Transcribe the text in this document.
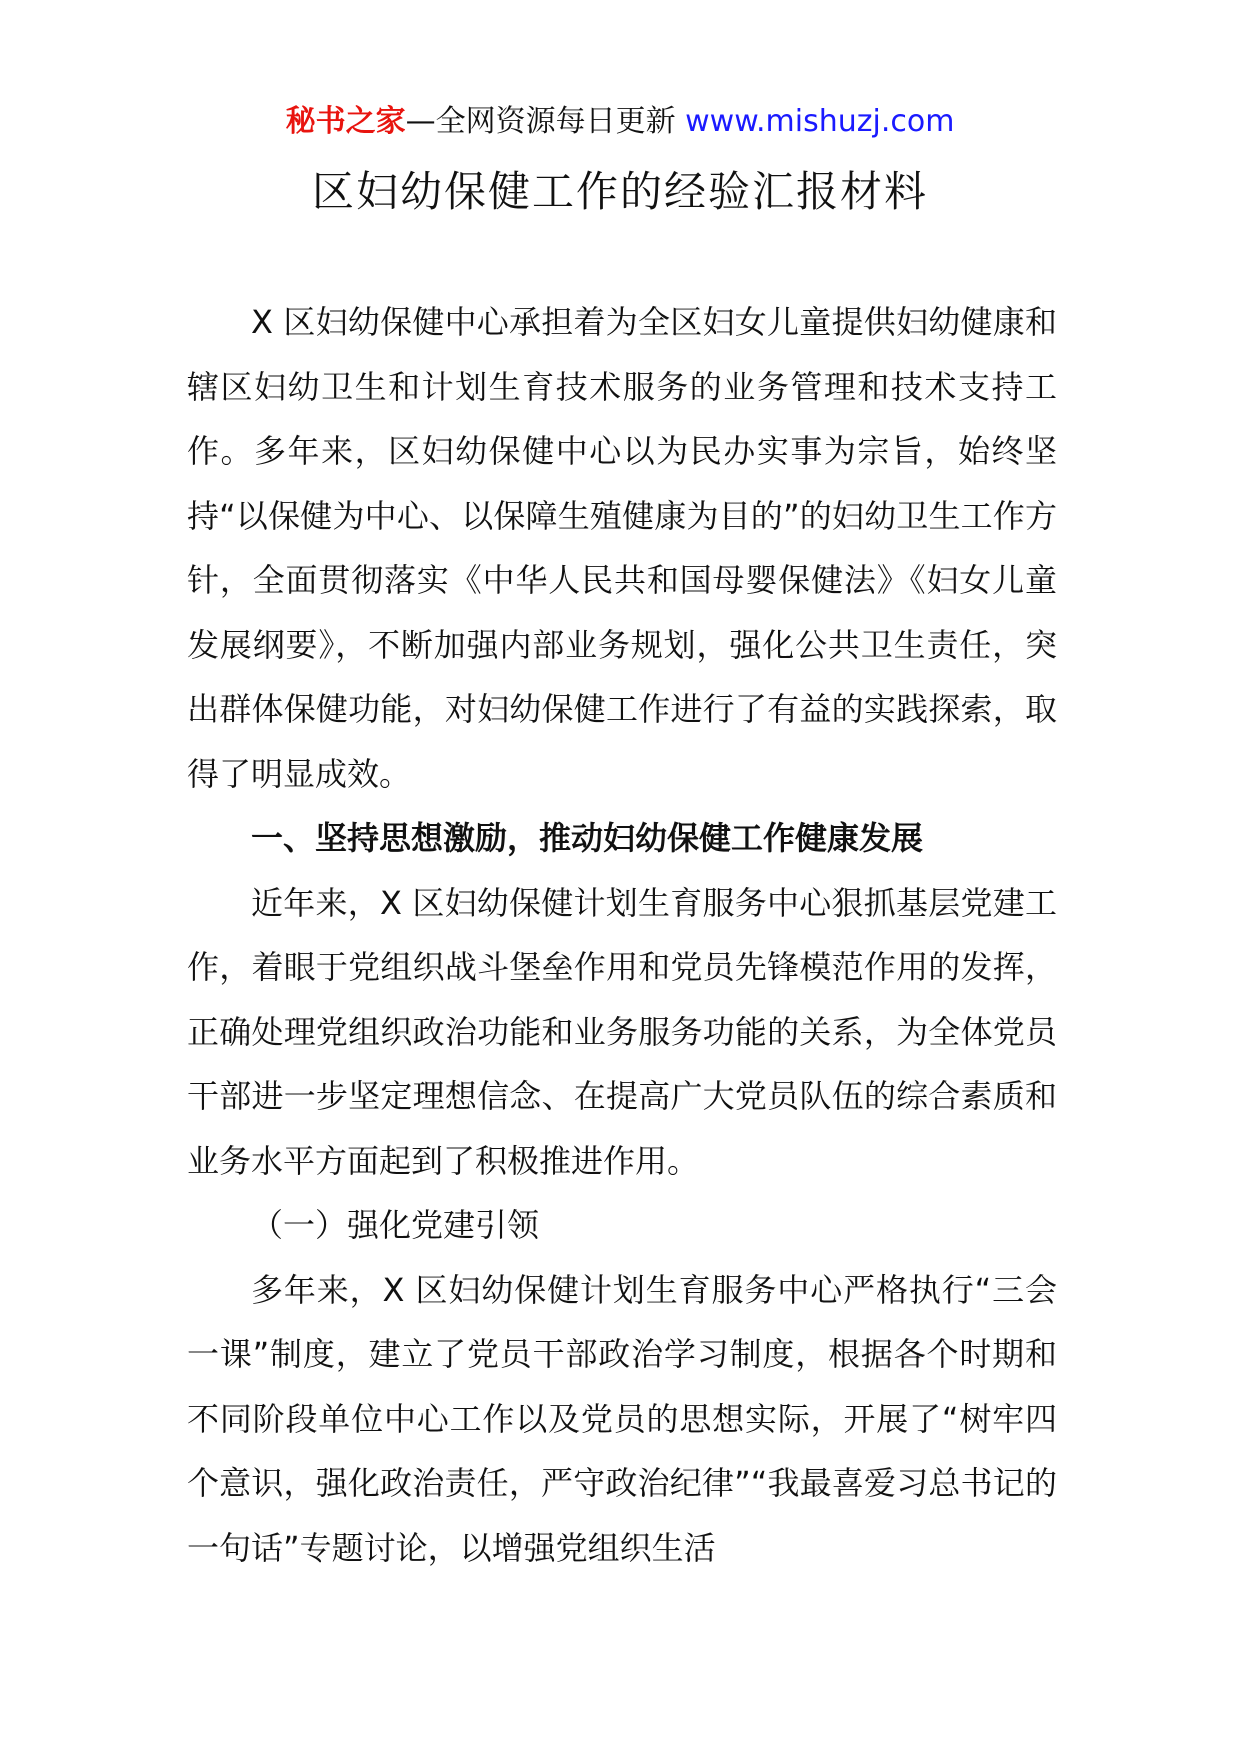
秘书之家—全网资源每日更新 www.mishuzj.com
区妇幼保健工作的经验汇报材料

X 区妇幼保健中心承担着为全区妇女儿童提供妇幼健康和辖区妇幼卫生和计划生育技术服务的业务管理和技术支持工作。多年来，区妇幼保健中心以为民办实事为宗旨，始终坚持“以保健为中心、以保障生殖健康为目的”的妇幼卫生工作方针，全面贯彻落实《中华人民共和国母婴保健法》《妇女儿童发展纲要》，不断加强内部业务规划，强化公共卫生责任，突出群体保健功能，对妇幼保健工作进行了有益的实践探索，取得了明显成效。

一、坚持思想激励，推动妇幼保健工作健康发展

近年来，X 区妇幼保健计划生育服务中心狠抓基层党建工作，着眼于党组织战斗堡垒作用和党员先锋模范作用的发挥，正确处理党组织政治功能和业务服务功能的关系，为全体党员干部进一步坚定理想信念、在提高广大党员队伍的综合素质和业务水平方面起到了积极推进作用。

（一）强化党建引领

多年来，X 区妇幼保健计划生育服务中心严格执行“三会一课”制度，建立了党员干部政治学习制度，根据各个时期和不同阶段单位中心工作以及党员的思想实际，开展了“树牢四个意识，强化政治责任，严守政治纪律”“我最喜爱习总书记的一句话”专题讨论，以增强党组织生活
